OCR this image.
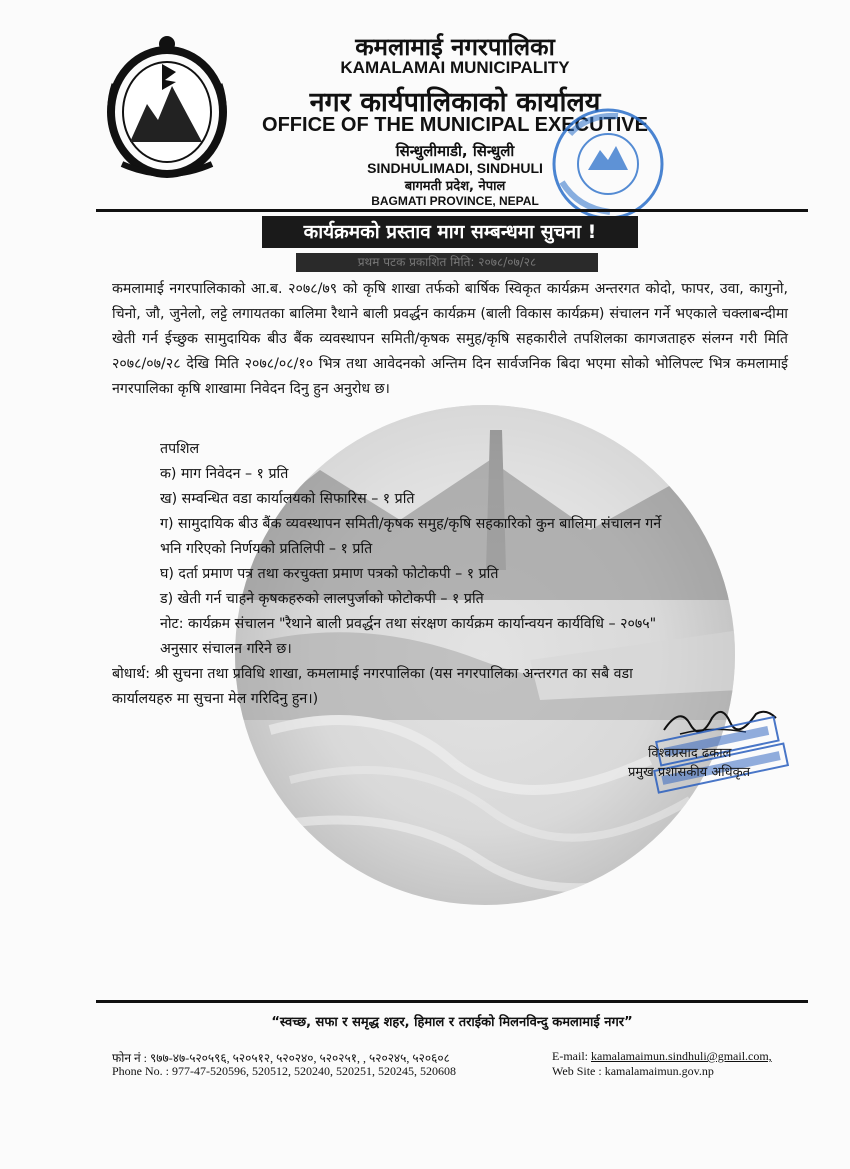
कमलामाई नगरपालिका
KAMALAMAI MUNICIPALITY
नगर कार्यपालिकाको कार्यालय
OFFICE OF THE MUNICIPAL EXECUTIVE
सिन्धुलीमाडी, सिन्धुली
SINDHULIMADI, SINDHULI
बागमती प्रदेश, नेपाल
BAGMATI PROVINCE, NEPAL
कार्यक्रमको प्रस्ताव माग सम्बन्धमा सुचना !
प्रथम पटक प्रकाशित मिति: २०७८/०७/२८
कमलामाई नगरपालिकाको आ.ब. २०७८/७९ को कृषि शाखा तर्फको बार्षिक स्विकृत कार्यक्रम अन्तरगत कोदो, फापर, उवा, कागुनो, चिनो, जौ, जुनेलो, लट्टे लगायतका बालिमा रैथाने बाली प्रवर्द्धन कार्यक्रम (बाली विकास कार्यक्रम) संचालन गर्ने भएकाले चक्लाबन्दीमा खेती गर्न ईच्छुक सामुदायिक बीउ बैंक व्यवस्थापन समिती/कृषक समुह/कृषि सहकारीले तपशिलका कागजताहरु संलग्न गरी मिति २०७८/०७/२८ देखि मिति २०७८/०८/१० भित्र तथा आवेदनको अन्तिम दिन सार्वजनिक बिदा भएमा सोको भोलिपल्ट भित्र कमलामाई नगरपालिका कृषि शाखामा निवेदन दिनु हुन अनुरोध छ।
तपशिल
क) माग निवेदन – १ प्रति
ख) सम्वन्धित वडा कार्यालयको सिफारिस – १ प्रति
ग) सामुदायिक बीउ बैंक व्यवस्थापन समिती/कृषक समुह/कृषि सहकारिको कुन बालिमा संचालन गर्ने
भनि गरिएको निर्णयको प्रतिलिपी – १ प्रति
घ) दर्ता प्रमाण पत्र तथा करचुक्ता प्रमाण पत्रको फोटोकपी – १ प्रति
ड) खेती गर्न चाहने कृषकहरुको लालपुर्जाको फोटोकपी – १ प्रति
नोट: कार्यक्रम संचालन "रैथाने बाली प्रवर्द्धन तथा संरक्षण कार्यक्रम कार्यान्वयन कार्यविधि – २०७५"
अनुसार संचालन गरिने छ।
बोधार्थ: श्री सुचना तथा प्रविधि शाखा, कमलामाई नगरपालिका (यस नगरपालिका अन्तरगत का सबै वडा
कार्यालयहरु मा सुचना मेल गरिदिनु हुन।)
विश्वप्रसाद ढकाल
प्रमुख प्रशासकीय अधिकृत
“स्वच्छ, सफा र समृद्ध शहर, हिमाल र तराईको मिलनविन्दु कमलामाई नगर”
फोन नं : ९७७-४७-५२०५९६, ५२०५१२, ५२०२४०, ५२०२५१, , ५२०२४५, ५२०६०८
Phone No. : 977-47-520596, 520512, 520240, 520251, 520245, 520608
E-mail: kamalamaimun.sindhuli@gmail.com,
Web Site : kamalamaimun.gov.np
